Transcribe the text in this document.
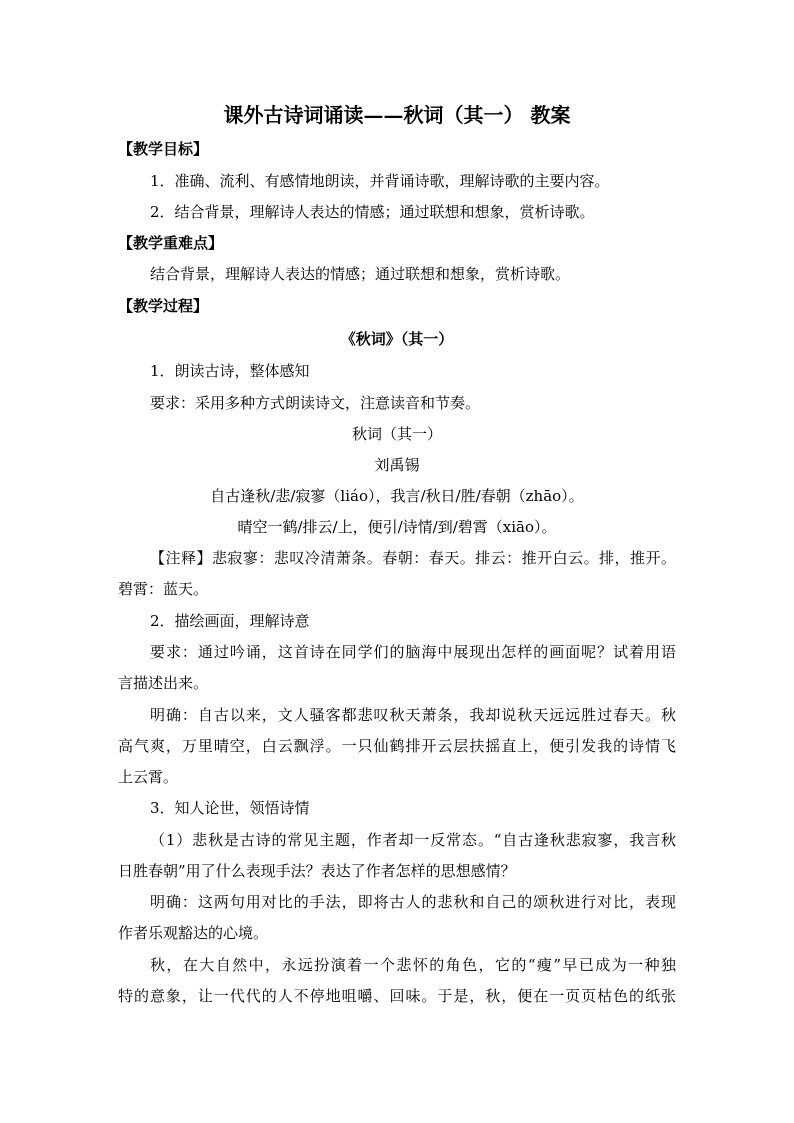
课外古诗词诵读——秋词（其一） 教案
【教学目标】
1．准确、流利、有感情地朗读，并背诵诗歌，理解诗歌的主要内容。
2．结合背景，理解诗人表达的情感；通过联想和想象，赏析诗歌。
【教学重难点】
结合背景，理解诗人表达的情感；通过联想和想象，赏析诗歌。
【教学过程】
《秋词》（其一）
1．朗读古诗，整体感知
要求：采用多种方式朗读诗文，注意读音和节奏。
秋词（其一）
刘禹锡
自古逢秋/悲/寂寥（liáo），我言/秋日/胜/春朝（zhāo）。
晴空一鹤/排云/上，便引/诗情/到/碧霄（xiāo）。
【注释】悲寂寥：悲叹冷清萧条。春朝：春天。排云：推开白云。排，推开。
碧霄：蓝天。
2．描绘画面，理解诗意
要求：通过吟诵，这首诗在同学们的脑海中展现出怎样的画面呢？试着用语
言描述出来。
明确：自古以来，文人骚客都悲叹秋天萧条，我却说秋天远远胜过春天。秋
高气爽，万里晴空，白云飘浮。一只仙鹤排开云层扶摇直上，便引发我的诗情飞
上云霄。
3．知人论世，领悟诗情
（1）悲秋是古诗的常见主题，作者却一反常态。“自古逢秋悲寂寥，我言秋
日胜春朝”用了什么表现手法？表达了作者怎样的思想感情？
明确：这两句用对比的手法，即将古人的悲秋和自己的颂秋进行对比，表现
作者乐观豁达的心境。
秋，在大自然中，永远扮演着一个悲怀的角色，它的“瘦”早已成为一种独
特的意象，让一代代的人不停地咀嚼、回味。于是，秋，便在一页页枯色的纸张
